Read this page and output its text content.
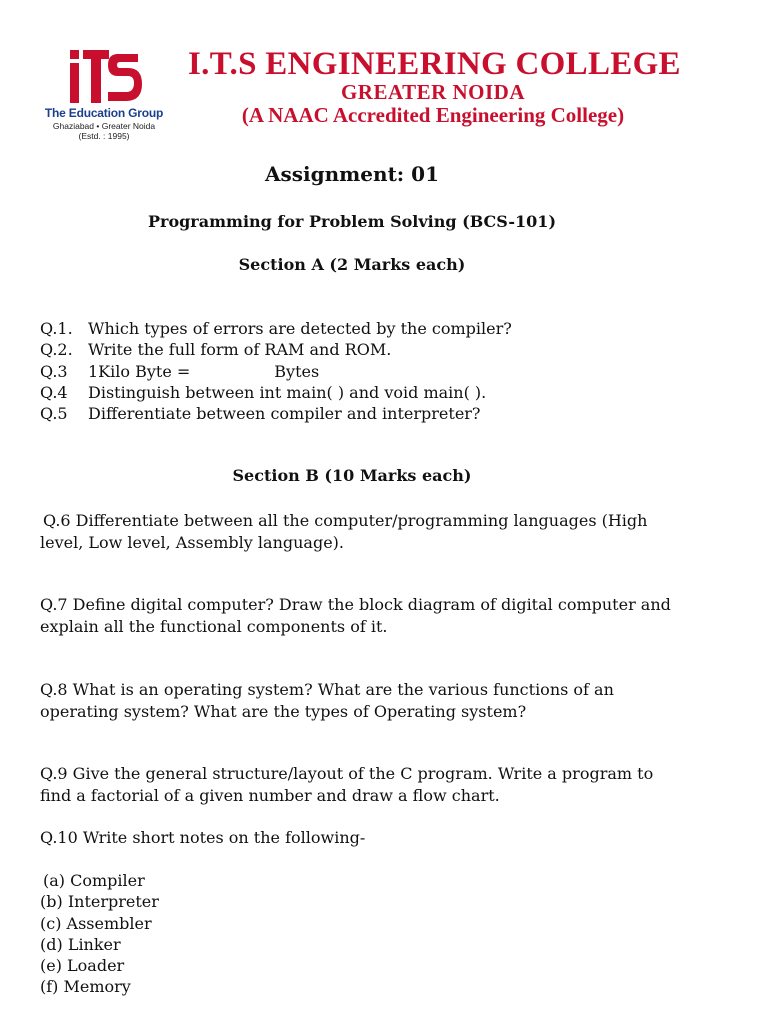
The Education Group
Ghaziabad • Greater Noida
(Estd. : 1995)
I.T.S ENGINEERING COLLEGE
GREATER NOIDA
(A NAAC Accredited Engineering College)
Assignment: 01
Programming for Problem Solving (BCS-101)
Section A (2 Marks each)
Q.1. Which types of errors are detected by the compiler?
Q.2. Write the full form of RAM and ROM.
Q.3	1Kilo Byte =	Bytes
Q.4	Distinguish between int main( ) and void main( ).
Q.5	Differentiate between compiler and interpreter?
Section B (10 Marks each)
Q.6 Differentiate between all the computer/programming languages (High level, Low level, Assembly language).
Q.7 Define digital computer? Draw the block diagram of digital computer and explain all the functional components of it.
Q.8 What is an operating system? What are the various functions of an operating system? What are the types of Operating system?
Q.9 Give the general structure/layout of the C program. Write a program to find a factorial of a given number and draw a flow chart.
Q.10 Write short notes on the following-
(a) Compiler
(b) Interpreter
(c) Assembler
(d) Linker
(e) Loader
(f) Memory
